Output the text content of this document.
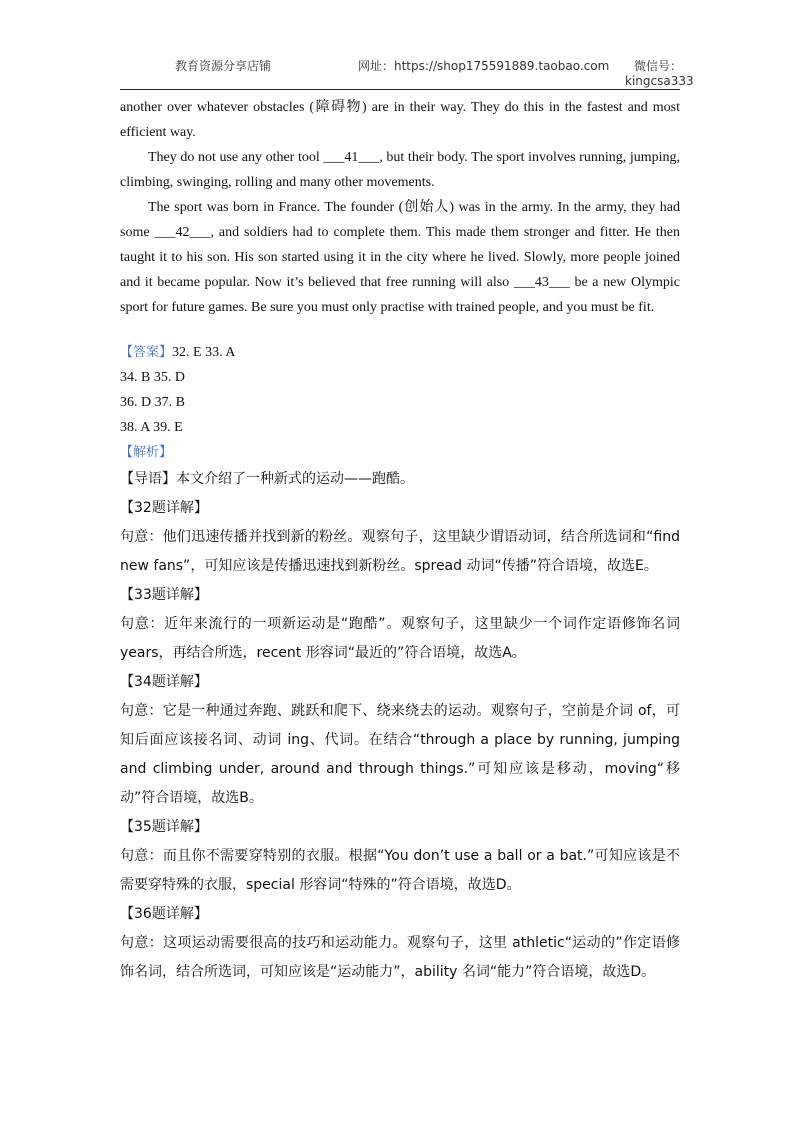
教育资源分享店铺	网址：https://shop175591889.taobao.com 微信号：
kingcsa333

another over whatever obstacles (障碍物) are in their way. They do this in the fastest and most efficient way.

They do not use any other tool ___41___, but their body. The sport involves running, jumping, climbing, swinging, rolling and many other movements.

The sport was born in France. The founder (创始人) was in the army. In the army, they had some ___42___, and soldiers had to complete them. This made them stronger and fitter. He then taught it to his son. His son started using it in the city where he lived. Slowly, more people joined and it became popular. Now it’s believed that free running will also ___43___ be a new Olympic sport for future games. Be sure you must only practise with trained people, and you must be fit.

【答案】32. E 33. A

34. B 35. D

36. D 37. B

38. A 39. E

【解析】

【导语】本文介绍了一种新式的运动——跑酷。

【32题详解】

句意：他们迅速传播并找到新的粉丝。观察句子，这里缺少谓语动词，结合所选词和“find new fans”，可知应该是传播迅速找到新粉丝。spread 动词“传播”符合语境，故选E。

【33题详解】

句意：近年来流行的一项新运动是“跑酷”。观察句子，这里缺少一个词作定语修饰名词years，再结合所选，recent 形容词“最近的”符合语境，故选A。

【34题详解】

句意：它是一种通过奔跑、跳跃和爬下、绕来绕去的运动。观察句子，空前是介词 of，可知后面应该接名词、动词 ing、代词。在结合“through a place by running, jumping and climbing under, around and through things.”可知应该是移动，moving“移动”符合语境，故选B。

【35题详解】

句意：而且你不需要穿特别的衣服。根据“You don’t use a ball or a bat.”可知应该是不需要穿特殊的衣服，special 形容词“特殊的”符合语境，故选D。

【36题详解】

句意：这项运动需要很高的技巧和运动能力。观察句子，这里 athletic“运动的”作定语修饰名词，结合所选词，可知应该是“运动能力”，ability 名词“能力”符合语境，故选D。
